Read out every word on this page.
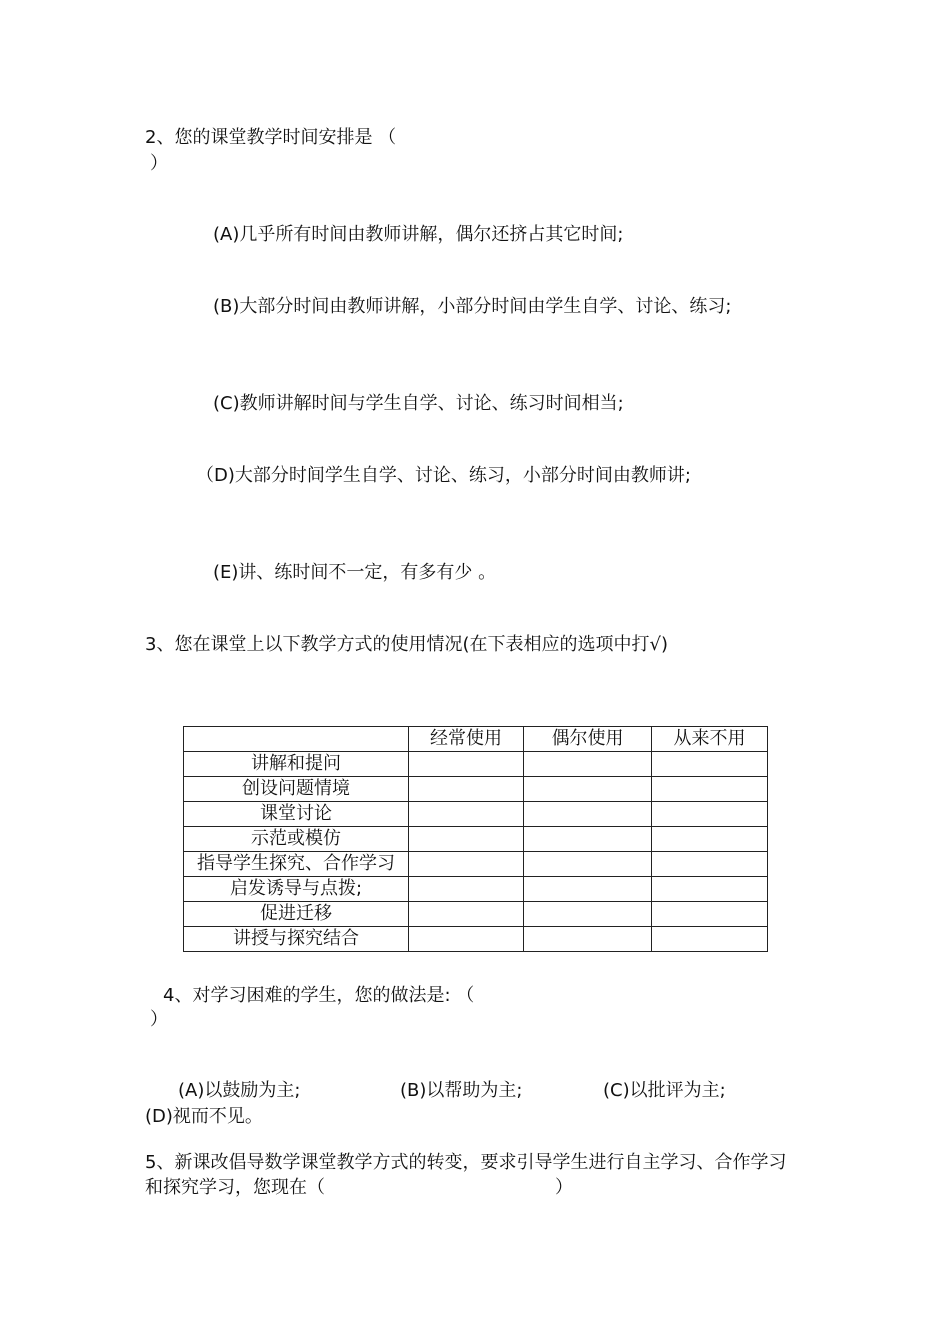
2、您的课堂教学时间安排是 （
）
(A)几乎所有时间由教师讲解，偶尔还挤占其它时间;
(B)大部分时间由教师讲解，小部分时间由学生自学、讨论、练习;
(C)教师讲解时间与学生自学、讨论、练习时间相当;
（D)大部分时间学生自学、讨论、练习，小部分时间由教师讲;
(E)讲、练时间不一定，有多有少 。
3、您在课堂上以下教学方式的使用情况(在下表相应的选项中打√)
	经常使用	偶尔使用	从来不用
讲解和提问			
创设问题情境			
课堂讨论			
示范或模仿			
指导学生探究、合作学习			
启发诱导与点拨;			
促进迁移			
讲授与探究结合			
4、对学习困难的学生，您的做法是: （
）
(A)以鼓励为主;	(B)以帮助为主;	(C)以批评为主;
(D)视而不见。
5、新课改倡导数学课堂教学方式的转变，要求引导学生进行自主学习、合作学习
和探究学习，您现在（	）
